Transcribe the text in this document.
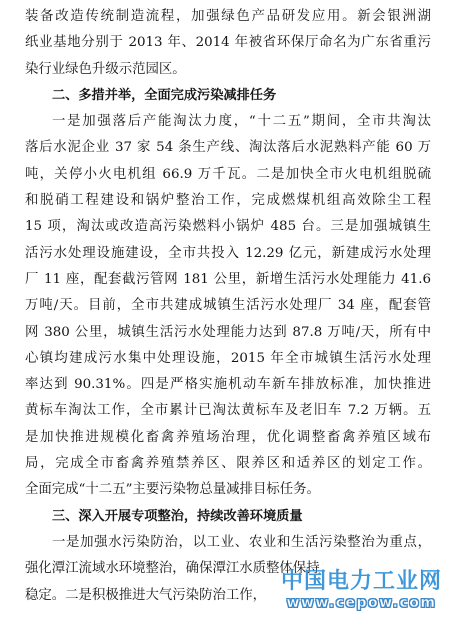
装备改造传统制造流程，加强绿色产品研发应用。新会银洲湖
纸业基地分别于 2013 年、2014 年被省环保厅命名为广东省重污
染行业绿色升级示范园区。
二、多措并举，全面完成污染减排任务
一是加强落后产能淘汰力度，“十二五”期间，全市共淘汰
落后水泥企业 37 家 54 条生产线、淘汰落后水泥熟料产能 60 万
吨，关停小火电机组 66.9 万千瓦。二是加快全市火电机组脱硫
和脱硝工程建设和锅炉整治工作，完成燃煤机组高效除尘工程
15 项，淘汰或改造高污染燃料小锅炉 485 台。三是加强城镇生
活污水处理设施建设，全市共投入 12.29 亿元，新建成污水处理
厂 11 座，配套截污管网 181 公里，新增生活污水处理能力 41.6
万吨/天。目前，全市共建成城镇生活污水处理厂 34 座，配套管
网 380 公里，城镇生活污水处理能力达到 87.8 万吨/天，所有中
心镇均建成污水集中处理设施，2015 年全市城镇生活污水处理
率达到 90.31%。四是严格实施机动车新车排放标准，加快推进
黄标车淘汰工作，全市累计已淘汰黄标车及老旧车 7.2 万辆。五
是加快推进规模化畜禽养殖场治理，优化调整畜禽养殖区域布
局，完成全市畜禽养殖禁养区、限养区和适养区的划定工作。
全面完成“十二五”主要污染物总量减排目标任务。
三、深入开展专项整治，持续改善环境质量
一是加强水污染防治，以工业、农业和生活污染整治为重点，
强化潭江流域水环境整治，确保潭江水质整体保持
稳定。二是积极推进大气污染防治工作，
中国电力工业网
www.cepow.com
